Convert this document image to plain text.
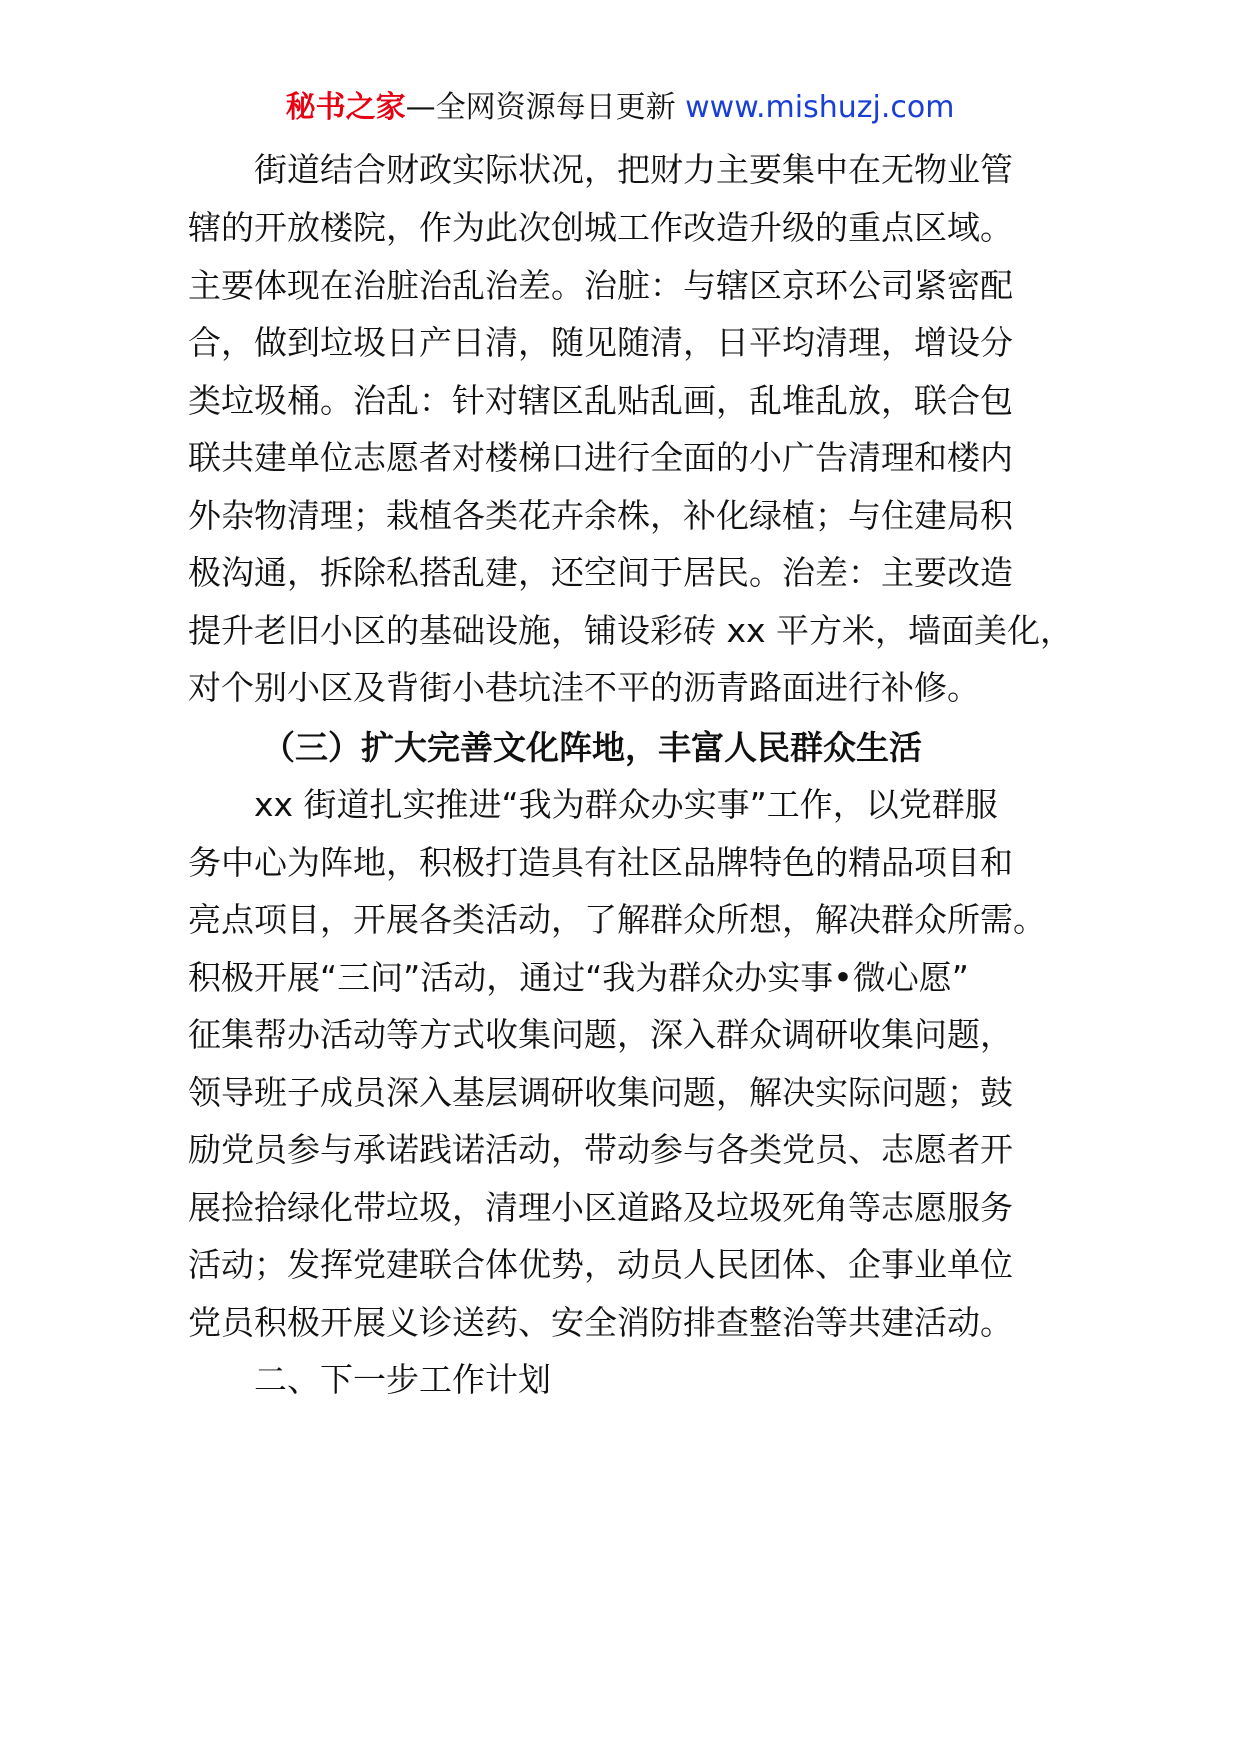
秘书之家—全网资源每日更新 www.mishuzj.com
街道结合财政实际状况，把财力主要集中在无物业管
辖的开放楼院，作为此次创城工作改造升级的重点区域。
主要体现在治脏治乱治差。治脏：与辖区京环公司紧密配
合，做到垃圾日产日清，随见随清，日平均清理，增设分
类垃圾桶。治乱：针对辖区乱贴乱画，乱堆乱放，联合包
联共建单位志愿者对楼梯口进行全面的小广告清理和楼内
外杂物清理；栽植各类花卉余株，补化绿植；与住建局积
极沟通，拆除私搭乱建，还空间于居民。治差：主要改造
提升老旧小区的基础设施，铺设彩砖 xx 平方米，墙面美化，
对个别小区及背街小巷坑洼不平的沥青路面进行补修。
（三）扩大完善文化阵地，丰富人民群众生活
xx 街道扎实推进“我为群众办实事”工作，以党群服
务中心为阵地，积极打造具有社区品牌特色的精品项目和
亮点项目，开展各类活动，了解群众所想，解决群众所需。
积极开展“三问”活动，通过“我为群众办实事•微心愿”
征集帮办活动等方式收集问题，深入群众调研收集问题，
领导班子成员深入基层调研收集问题，解决实际问题；鼓
励党员参与承诺践诺活动，带动参与各类党员、志愿者开
展捡拾绿化带垃圾，清理小区道路及垃圾死角等志愿服务
活动；发挥党建联合体优势，动员人民团体、企事业单位
党员积极开展义诊送药、安全消防排查整治等共建活动。
二、下一步工作计划
